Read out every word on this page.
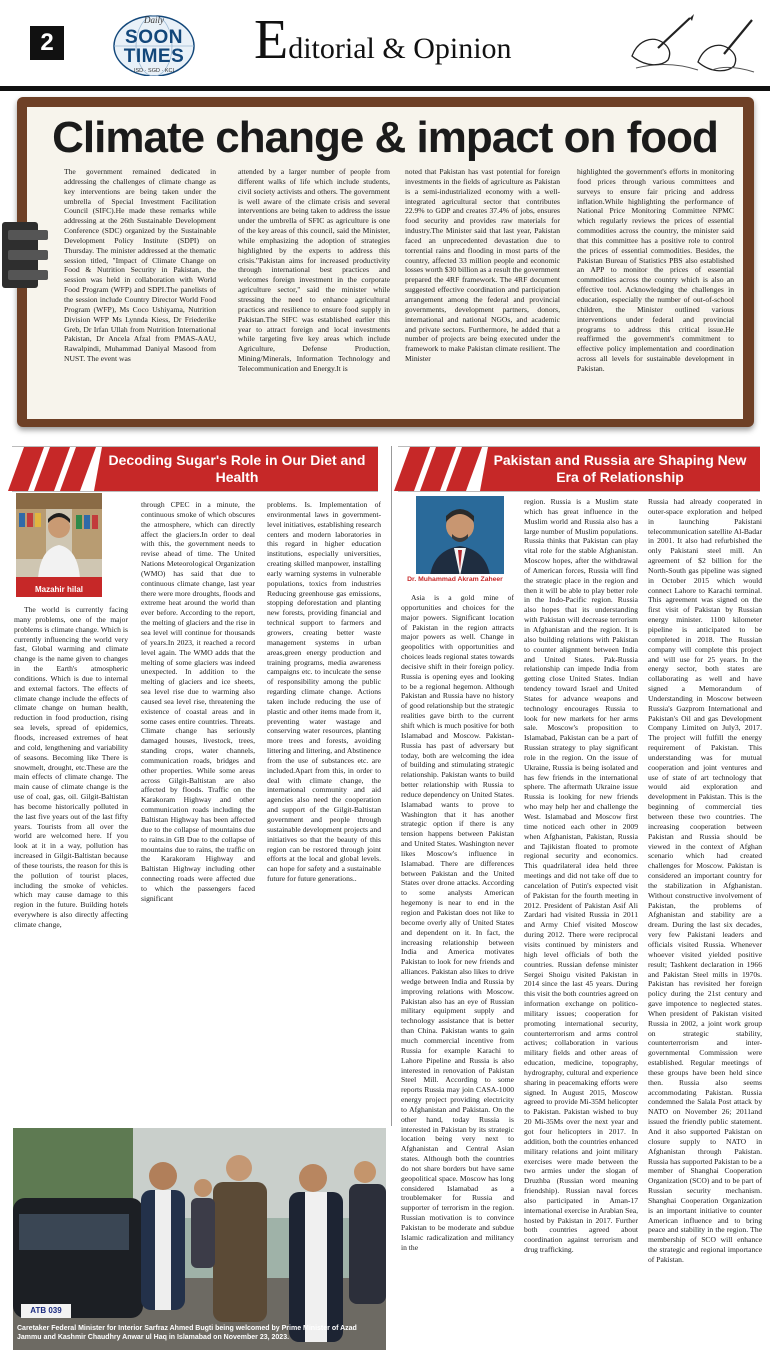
2
Daily
SOON
TIMES
ISD · SGD · KCI	Editorial & Opinion
Climate change & impact on food

The government remained dedicated in addressing the challenges of climate change as key interventions are being taken under the umbrella of Special Investment Facilitation Council (SIFC).He made these remarks while addressing at the 26th Sustainable Development Conference (SDC) organized by the Sustainable Development Policy Institute (SDPI) on Thursday. The minister addressed at the thematic session titled, "Impact of Climate Change on Food & Nutrition Security in Pakistan, the session was held in collaboration with World Food Program (WFP) and SDPI.The panelists of the session include Country Director World Food Program (WFP), Ms Coco Ushiyama, Nutrition Division WFP Ms Lynnda Kiess, Dr Friederike Greb, Dr Irfan Ullah from Nutrition International Pakistan, Dr Ancela Afzal from PMAS-AAU, Rawalpindi, Muhammad Daniyal Masood from NUST. The event was

attended by a larger number of people from different walks of life which include students, civil society activists and others. The government is well aware of the climate crisis and several interventions are being taken to address the issue under the umbrella of SFIC as agriculture is one of the key areas of this council, said the Minister, while emphasizing the adoption of strategies highlighted by the experts to address this crisis."Pakistan aims for increased productivity through international best practices and welcomes foreign investment in the corporate agriculture sector," said the minister while stressing the need to enhance agricultural practices and resilience to ensure food supply in Pakistan.The SIFC was established earlier this year to attract foreign and local investments while targeting five key areas which include Agriculture, Defense Production, Mining/Minerals, Information Technology and Telecommunication and Energy.It is

noted that Pakistan has vast potential for foreign investments in the fields of agriculture as Pakistan is a semi-industrialized economy with a well-integrated agricultural sector that contributes 22.9% to GDP and creates 37.4% of jobs, ensures food security and provides raw materials for industry.The Minister said that last year, Pakistan faced an unprecedented devastation due to torrential rains and flooding in most parts of the country, affected 33 million people and economic losses worth $30 billion as a result the government prepared the 4RF framework. The 4RF document suggested effective coordination and participation arrangement among the federal and provincial governments, development partners, donors, international and national NGOs, and academic and private sectors. Furthermore, he added that a number of projects are being executed under the framework to make Pakistan climate resilient. The Minister

highlighted the government's efforts in monitoring food prices through various committees and surveys to ensure fair pricing and address inflation.While highlighting the performance of National Price Monitoring Committee NPMC which regularly reviews the prices of essential commodities across the country, the minister said that this committee has a positive role to control the prices of essential commodities. Besides, the Pakistan Bureau of Statistics PBS also established an APP to monitor the prices of essential commodities across the country which is also an effective tool. Acknowledging the challenges in education, especially the number of out-of-school children, the Minister outlined various interventions under federal and provincial programs to address this critical issue.He reaffirmed the government's commitment to effective policy implementation and coordination across all levels for sustainable development in Pakistan.

Decoding Sugar's Role in Our Diet and Health
Pakistan and Russia are Shaping New Era of Relationship
Mazahir hilal

The world is currently facing many problems, one of the major problems is climate change. Which is currently influencing the world very fast, Global warming and climate change is the name given to changes in the Earth's atmospheric conditions. Which is due to internal and external factors. The effects of climate change include the effects of climate change on human health, reduction in food production, rising sea levels, spread of epidemics, floods, increased extremes of heat and cold, lengthening and variability of seasons. Becoming like There is snowmelt, drought, etc.These are the main effects of climate change. The main cause of climate change is the use of coal, gas, oil. Gilgit-Baltistan has become historically polluted in the last five years out of the last fifty years. Tourists from all over the world are welcomed here. If you look at it in a way, pollution has increased in Gilgit-Baltistan because of these tourists, the reason for this is the pollution of tourist places, including the smoke of vehicles. which may cause damage to this region in the future. Building hotels everywhere is also directly affecting climate change,

through CPEC in a minute, the continuous smoke of which obscures the atmosphere, which can directly affect the glaciers.In order to deal with this, the government needs to revise ahead of time. The United Nations Meteorological Organization (WMO) has said that due to continuous climate change, last year there were more droughts, floods and extreme heat around the world than ever before. According to the report, the melting of glaciers and the rise in sea level will continue for thousands of years.In 2023, it reached a record level again. The WMO adds that the melting of some glaciers was indeed unexpected. In addition to the melting of glaciers and ice sheets, sea level rise due to warming also caused sea level rise, threatening the existence of coastal areas and in some cases entire countries. Threats. Climate change has seriously damaged houses, livestock, trees, standing crops, water channels, communication roads, bridges and other properties. While some areas across Gilgit-Baltistan are also affected by floods. Traffic on the Karakoram Highway and other communication roads including the Baltistan Highway has been affected due to the collapse of mountains due to rains.in GB Due to the collapse of mountains due to rains, the traffic on the Karakoram Highway and Baltistan Highway including other connecting roads were affected due to which the passengers faced significant

problems. Is. Implementation of environmental laws in government-level initiatives, establishing research centers and modern laboratories in this regard in higher education institutions, especially universities, creating skilled manpower, installing early warning systems in vulnerable populations, toxics from industries Reducing greenhouse gas emissions, stopping deforestation and planting new forests, providing financial and technical support to farmers and growers, creating better waste management systems in urban areas,green energy production and training programs, media awareness campaigns etc. to inculcate the sense of responsibility among the public regarding climate change. Actions taken include reducing the use of plastic and other items made from it, preventing water wastage and conserving water resources, planting more trees and forests, avoiding littering and littering, and Abstinence from the use of substances etc. are included.Apart from this, in order to deal with climate change, the international community and aid agencies also need the cooperation and support of the Gilgit-Baltistan government and people through sustainable development projects and initiatives so that the beauty of this region can be restored through joint efforts at the local and global levels. can hope for safety and a sustainable future for future generations..

ATB 039
Caretaker Federal Minister for Interior Sarfraz Ahmed Bugti being welcomed by Prime Minister of Azad Jammu and Kashmir Chaudhry Anwar ul Haq in Islamabad on November 23, 2023.
Dr. Muhammad Akram Zaheer

Asia is a gold mine of opportunities and choices for the major powers. Significant location of Pakistan in the region attracts major powers as well. Change in geopolitics with opportunities and choices leads regional states towards decisive shift in their foreign policy. Russia is opening eyes and looking to be a regional hegemon. Although Pakistan and Russia have no history of good relationship but the strategic realities gave birth to the current shift which is much positive for both Islamabad and Moscow. Pakistan-Russia has past of adversary but today, both are welcoming the idea of building and stimulating strategic relationship. Pakistan wants to build better relationship with Russia to reduce dependency on United States. Islamabad wants to prove to Washington that it has another strategic option if there is any tension happens between Pakistan and United States. Washington never likes Moscow's influence in Islamabad. There are differences between Pakistan and the United States over drone attacks. According to some analysts American hegemony is near to end in the region and Pakistan does not like to become overly ally of United States and dependent on it. In fact, the increasing relationship between India and America motivates Pakistan to look for new friends and alliances. Pakistan also likes to drive wedge between India and Russia by improving relations with Moscow. Pakistan also has an eye of Russian military equipment supply and technology assistance that is better than China. Pakistan wants to gain much commercial incentive from Russia for example Karachi to Lahore Pipeline and Russia is also interested in renovation of Pakistan Steel Mill. According to some reports Russia may join CASA-1000 energy project providing electricity to Afghanistan and Pakistan. On the other hand, today Russia is interested in Pakistan by its strategic location being very next to Afghanistan and Central Asian states. Although both the countries do not share borders but have same geopolitical space. Moscow has long considered Islamabad as a troublemaker for Russia and supporter of terrorism in the region. Russian motivation is to convince Pakistan to be moderate and subdue Islamic radicalization and militancy in the

region. Russia is a Muslim state which has great influence in the Muslim world and Russia also has a large number of Muslim populations. Russia thinks that Pakistan can play vital role for the stable Afghanistan. Moscow hopes, after the withdrawal of American forces, Russia will find the strategic place in the region and then it will be able to play better role in the Indo-Pacific region. Russia also hopes that its understanding with Pakistan will decrease terrorism in Afghanistan and the region. It is also building relations with Pakistan to counter alignment between India and United States. Pak-Russia relationship can impede India from getting close United States. Indian tendency toward Israel and United States for advance weapons and technology encourages Russia to look for new markets for her arms sale. Moscow's proposition to Islamabad, Pakistan can be a part of Russian strategy to play significant role in the region. On the issue of Ukraine, Russia is being isolated and has few friends in the international sphere. The aftermath Ukraine issue Russia is looking for new friends who may help her and challenge the West. Islamabad and Moscow first time noticed each other in 2009 when Afghanistan, Pakistan, Russia and Tajikistan floated to promote regional security and economics. This quadrilateral idea held three meetings and did not take off due to cancelation of Putin's expected visit of Pakistan for the fourth meeting in 2012. President of Pakistan Asif Ali Zardari had visited Russia in 2011 and Army Chief visited Moscow during 2012. There were reciprocal visits continued by ministers and high level officials of both the countries. Russian defense minister Sergei Shoigu visited Pakistan in 2014 since the last 45 years. During this visit the both countries agreed on information exchange on politico-military issues; cooperation for promoting international security, counterterrorism and arms control actives; collaboration in various military fields and other areas of education, medicine, topography, hydrography, cultural and experience sharing in peacemaking efforts were signed. In August 2015, Moscow agreed to provide Mi-35M helicopter to Pakistan. Pakistan wished to buy 20 Mi-35Ms over the next year and got four helicopters in 2017. In addition, both the countries enhanced military relations and joint military exercises were made between the two armies under the slogan of Druzhba (Russian word meaning friendship). Russian naval forces also participated in Aman-17 international exercise in Arabian Sea, hosted by Pakistan in 2017. Further both countries agreed about coordination against terrorism and drug trafficking.

Russia had already cooperated in outer-space exploration and helped in launching Pakistani telecommunication satellite Al-Badar in 2001. It also had refurbished the only Pakistani steel mill. An agreement of $2 billion for the North-South gas pipeline was signed in October 2015 which would connect Lahore to Karachi terminal. This agreement was signed on the first visit of Pakistan by Russian energy minister. 1100 kilometer pipeline is anticipated to be completed in 2018. The Russian company will complete this project and will use for 25 years. In the energy sector, both states are collaborating as well and have signed a Memorandum of Understanding in Moscow between Russia's Gazprom International and Pakistan's Oil and gas Development Company Limited on July3, 2017. The project will fulfill the energy requirement of Pakistan. This understanding was for mutual cooperation and joint ventures and use of state of art technology that would aid exploration and development in Pakistan. This is the beginning of commercial ties between these two countries. The increasing cooperation between Pakistan and Russia should be viewed in the context of Afghan scenario which had created challenges for Moscow. Pakistan is considered an important country for the stabilization in Afghanistan. Without constructive involvement of Pakistan, the problems of Afghanistan and stability are a dream. During the last six decades, very few Pakistani leaders and officials visited Russia. Whenever whoever visited yielded positive result; Tashkent declaration in 1966 and Pakistan Steel mills in 1970s. Pakistan has revisited her foreign policy during the 21st century and gave impotence to neglected states. When president of Pakistan visited Russia in 2002, a joint work group on strategic stability, counterterrorism and inter-governmental Commission were established. Regular meetings of these groups have been held since then. Russia also seems accommodating Pakistan. Russia condemned the Salala Post attack by NATO on November 26; 2011and issued the friendly public statement. And it also supported Pakistan on closure supply to NATO in Afghanistan through Pakistan. Russia has supported Pakistan to be a member of Shanghai Cooperation Organization (SCO) and to be part of Russian security mechanism. Shanghai Cooperation Organization is an important initiative to counter American influence and to bring peace and stability in the region. The membership of SCO will enhance the strategic and regional importance of Pakistan.
